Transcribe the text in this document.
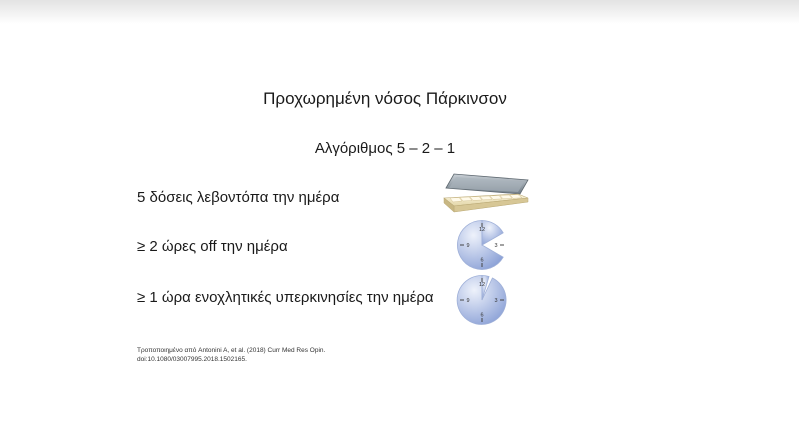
Προχωρημένη νόσος Πάρκινσον
Αλγόριθμος 5 – 2 – 1
5 δόσεις λεβοντόπα την ημέρα
≥ 2 ώρες off την ημέρα
≥ 1 ώρα ενοχλητικές υπερκινησίες την ημέρα
12
3
6
9
12
3
6
9
Τροποποιημένο από Antonini A, et al. (2018) Curr Med Res Opin.
doi:10.1080/03007995.2018.1502165.
